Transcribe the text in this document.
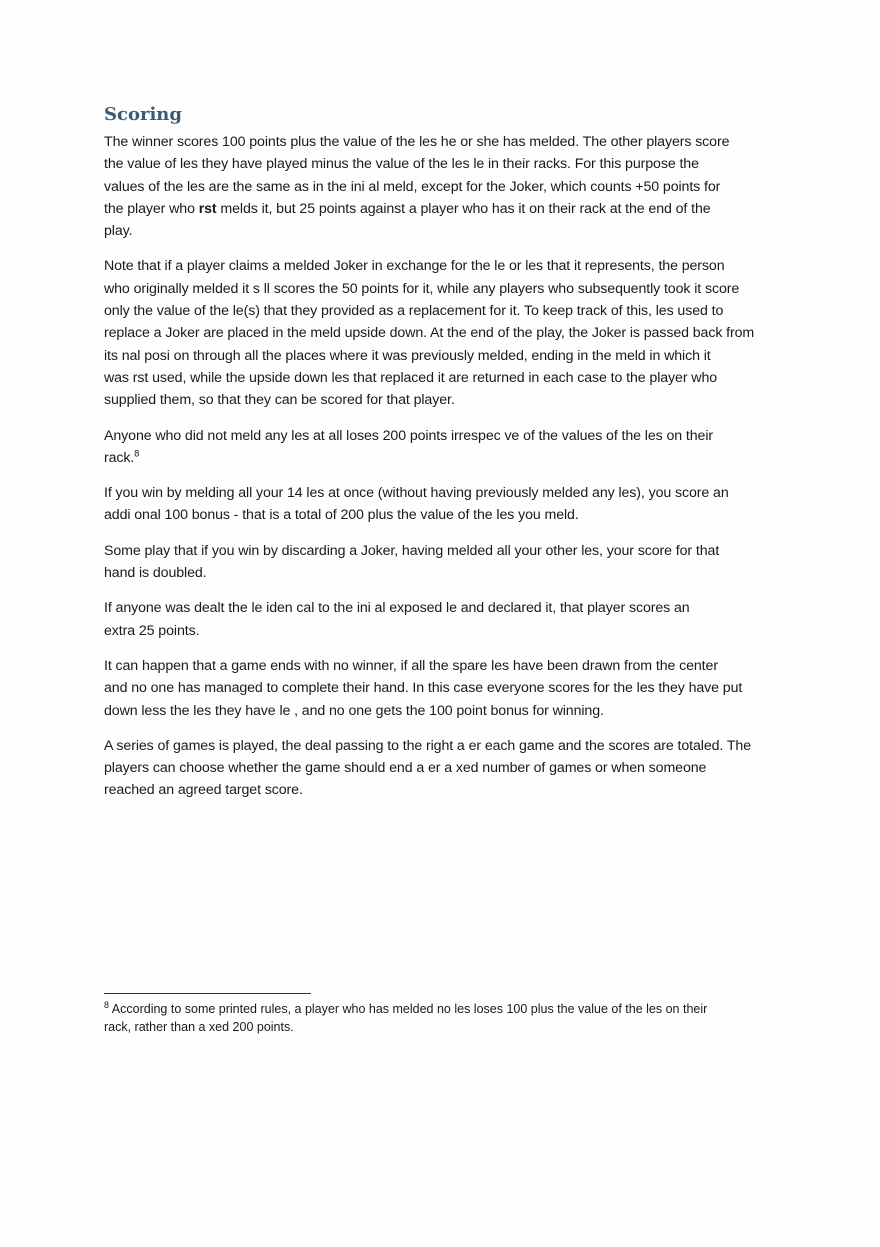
Scoring

The winner scores 100 points plus the value of the les he or she has melded. The other players score
the value of les they have played minus the value of the les le in their racks. For this purpose the
values of the les are the same as in the ini al meld, except for the Joker, which counts +50 points for
the player who rst melds it, but 25 points against a player who has it on their rack at the end of the
play.

Note that if a player claims a melded Joker in exchange for the le or les that it represents, the person
who originally melded it s ll scores the 50 points for it, while any players who subsequently took it score
only the value of the le(s) that they provided as a replacement for it. To keep track of this, les used to
replace a Joker are placed in the meld upside down. At the end of the play, the Joker is passed back from
its nal posi on through all the places where it was previously melded, ending in the meld in which it
was rst used, while the upside down les that replaced it are returned in each case to the player who
supplied them, so that they can be scored for that player.

Anyone who did not meld any les at all loses 200 points irrespec ve of the values of the les on their
rack.$^8$

If you win by melding all your 14 les at once (without having previously melded any les), you score an
addi onal 100 bonus - that is a total of 200 plus the value of the les you meld.

Some play that if you win by discarding a Joker, having melded all your other les, your score for that
hand is doubled.

If anyone was dealt the le iden cal to the ini al exposed le and declared it, that player scores an
extra 25 points.

It can happen that a game ends with no winner, if all the spare les have been drawn from the center
and no one has managed to complete their hand. In this case everyone scores for the les they have put
down less the les they have le , and no one gets the 100 point bonus for winning.

A series of games is played, the deal passing to the right a er each game and the scores are totaled. The
players can choose whether the game should end a er a xed number of games or when someone
reached an agreed target score.

$^8$ According to some printed rules, a player who has melded no les loses 100 plus the value of the les on their
rack, rather than a xed 200 points.
